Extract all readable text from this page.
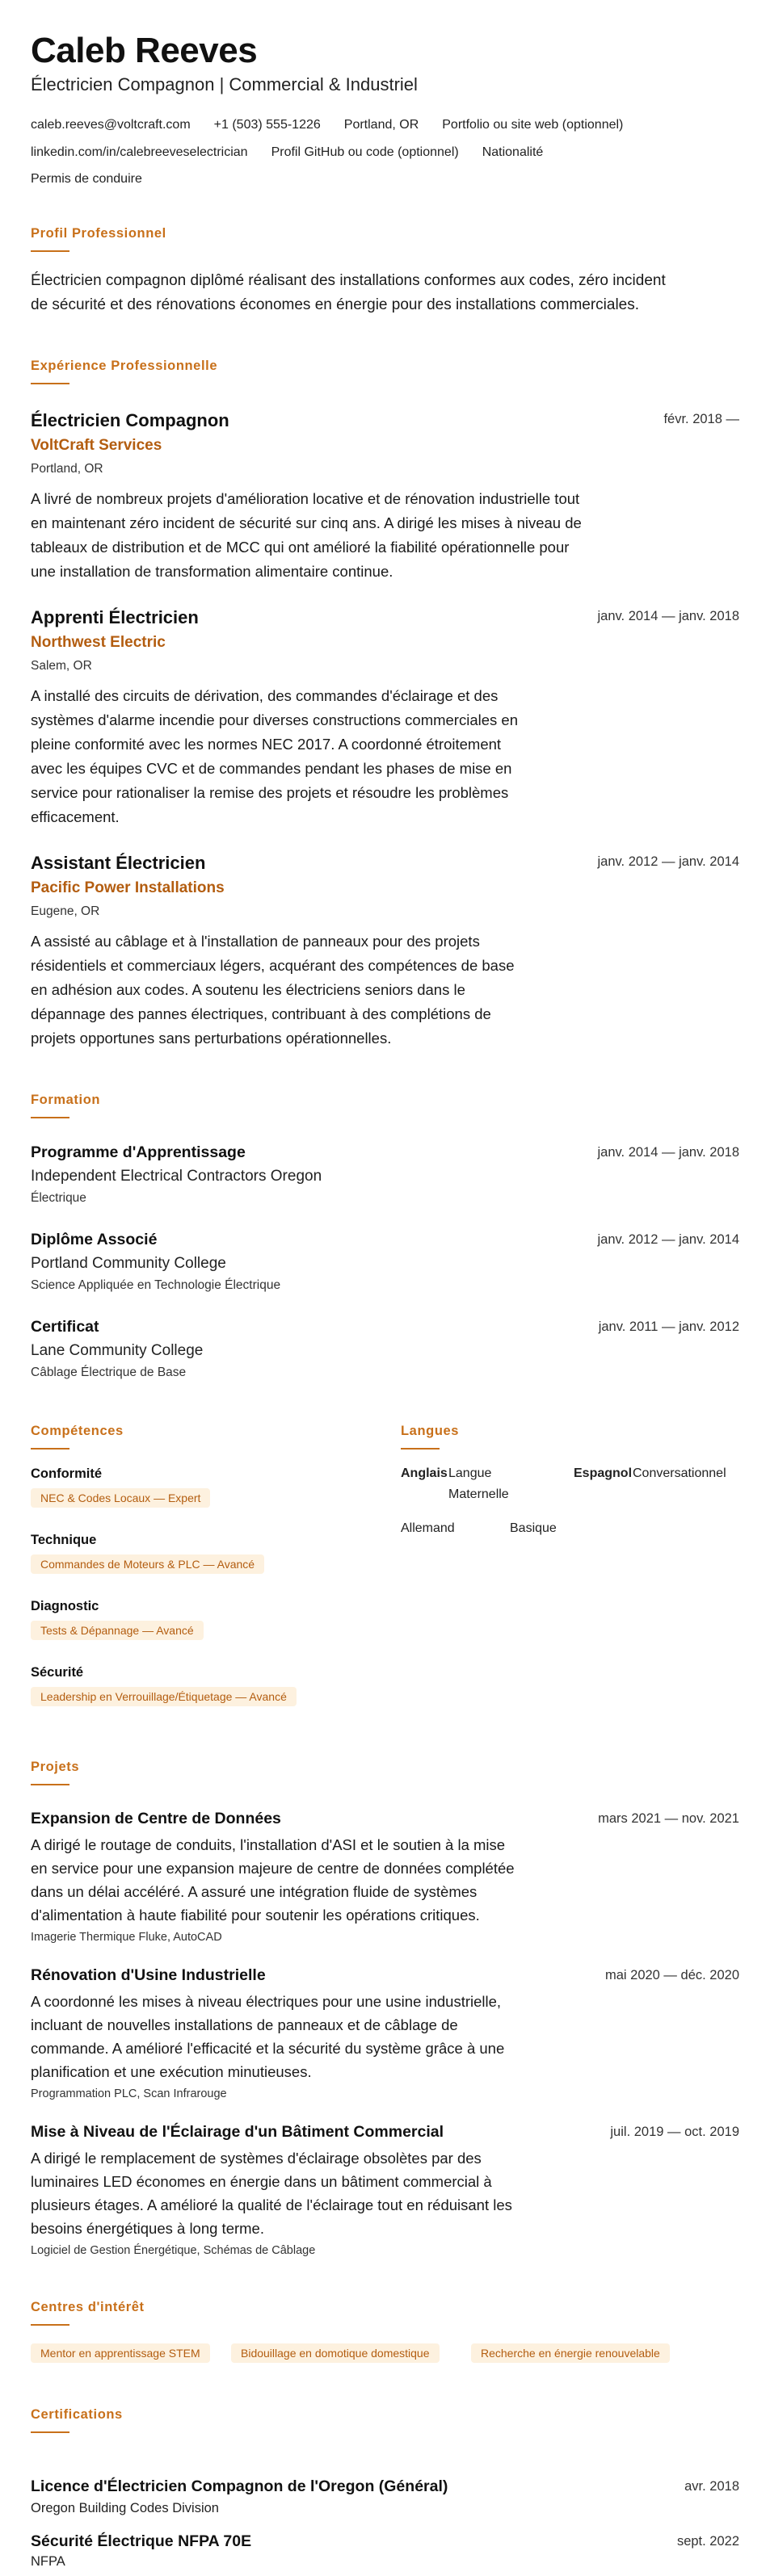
Caleb Reeves
Électricien Compagnon | Commercial & Industriel
caleb.reeves@voltcraft.com +1 (503) 555-1226 Portland, OR Portfolio ou site web (optionnel)
linkedin.com/in/calebreeveselectrician Profil GitHub ou code (optionnel) Nationalité
Permis de conduire
Profil Professionnel
Électricien compagnon diplômé réalisant des installations conformes aux codes, zéro incident
de sécurité et des rénovations économes en énergie pour des installations commerciales.
Expérience Professionnelle
Électricien Compagnon	févr. 2018 —
VoltCraft Services
Portland, OR
A livré de nombreux projets d'amélioration locative et de rénovation industrielle tout
en maintenant zéro incident de sécurité sur cinq ans. A dirigé les mises à niveau de
tableaux de distribution et de MCC qui ont amélioré la fiabilité opérationnelle pour
une installation de transformation alimentaire continue.
Apprenti Électricien	janv. 2014 — janv. 2018
Northwest Electric
Salem, OR
A installé des circuits de dérivation, des commandes d'éclairage et des
systèmes d'alarme incendie pour diverses constructions commerciales en
pleine conformité avec les normes NEC 2017. A coordonné étroitement
avec les équipes CVC et de commandes pendant les phases de mise en
service pour rationaliser la remise des projets et résoudre les problèmes
efficacement.
Assistant Électricien	janv. 2012 — janv. 2014
Pacific Power Installations
Eugene, OR
A assisté au câblage et à l'installation de panneaux pour des projets
résidentiels et commerciaux légers, acquérant des compétences de base
en adhésion aux codes. A soutenu les électriciens seniors dans le
dépannage des pannes électriques, contribuant à des complétions de
projets opportunes sans perturbations opérationnelles.
Formation
Programme d'Apprentissage	janv. 2014 — janv. 2018
Independent Electrical Contractors Oregon
Électrique
Diplôme Associé	janv. 2012 — janv. 2014
Portland Community College
Science Appliquée en Technologie Électrique
Certificat	janv. 2011 — janv. 2012
Lane Community College
Câblage Électrique de Base
Compétences
Conformité
NEC & Codes Locaux — Expert
Technique
Commandes de Moteurs & PLC — Avancé
Diagnostic
Tests & Dépannage — Avancé
Sécurité
Leadership en Verrouillage/Étiquetage — Avancé
Langues
Anglais Langue
Maternelle
Espagnol Conversationnel
Allemand	Basique
Projets
Expansion de Centre de Données	mars 2021 — nov. 2021
A dirigé le routage de conduits, l'installation d'ASI et le soutien à la mise
en service pour une expansion majeure de centre de données complétée
dans un délai accéléré. A assuré une intégration fluide de systèmes
d'alimentation à haute fiabilité pour soutenir les opérations critiques.
Imagerie Thermique Fluke, AutoCAD
Rénovation d'Usine Industrielle	mai 2020 — déc. 2020
A coordonné les mises à niveau électriques pour une usine industrielle,
incluant de nouvelles installations de panneaux et de câblage de
commande. A amélioré l'efficacité et la sécurité du système grâce à une
planification et une exécution minutieuses.
Programmation PLC, Scan Infrarouge
Mise à Niveau de l'Éclairage d'un Bâtiment Commercial	juil. 2019 — oct. 2019
A dirigé le remplacement de systèmes d'éclairage obsolètes par des
luminaires LED économes en énergie dans un bâtiment commercial à
plusieurs étages. A amélioré la qualité de l'éclairage tout en réduisant les
besoins énergétiques à long terme.
Logiciel de Gestion Énergétique, Schémas de Câblage
Centres d'intérêt
Mentor en apprentissage STEM	Bidouillage en domotique domestique	Recherche en énergie renouvelable
Certifications
Licence d'Électricien Compagnon de l'Oregon (Général)	avr. 2018
Oregon Building Codes Division
Sécurité Électrique NFPA 70E	sept. 2022
NFPA
